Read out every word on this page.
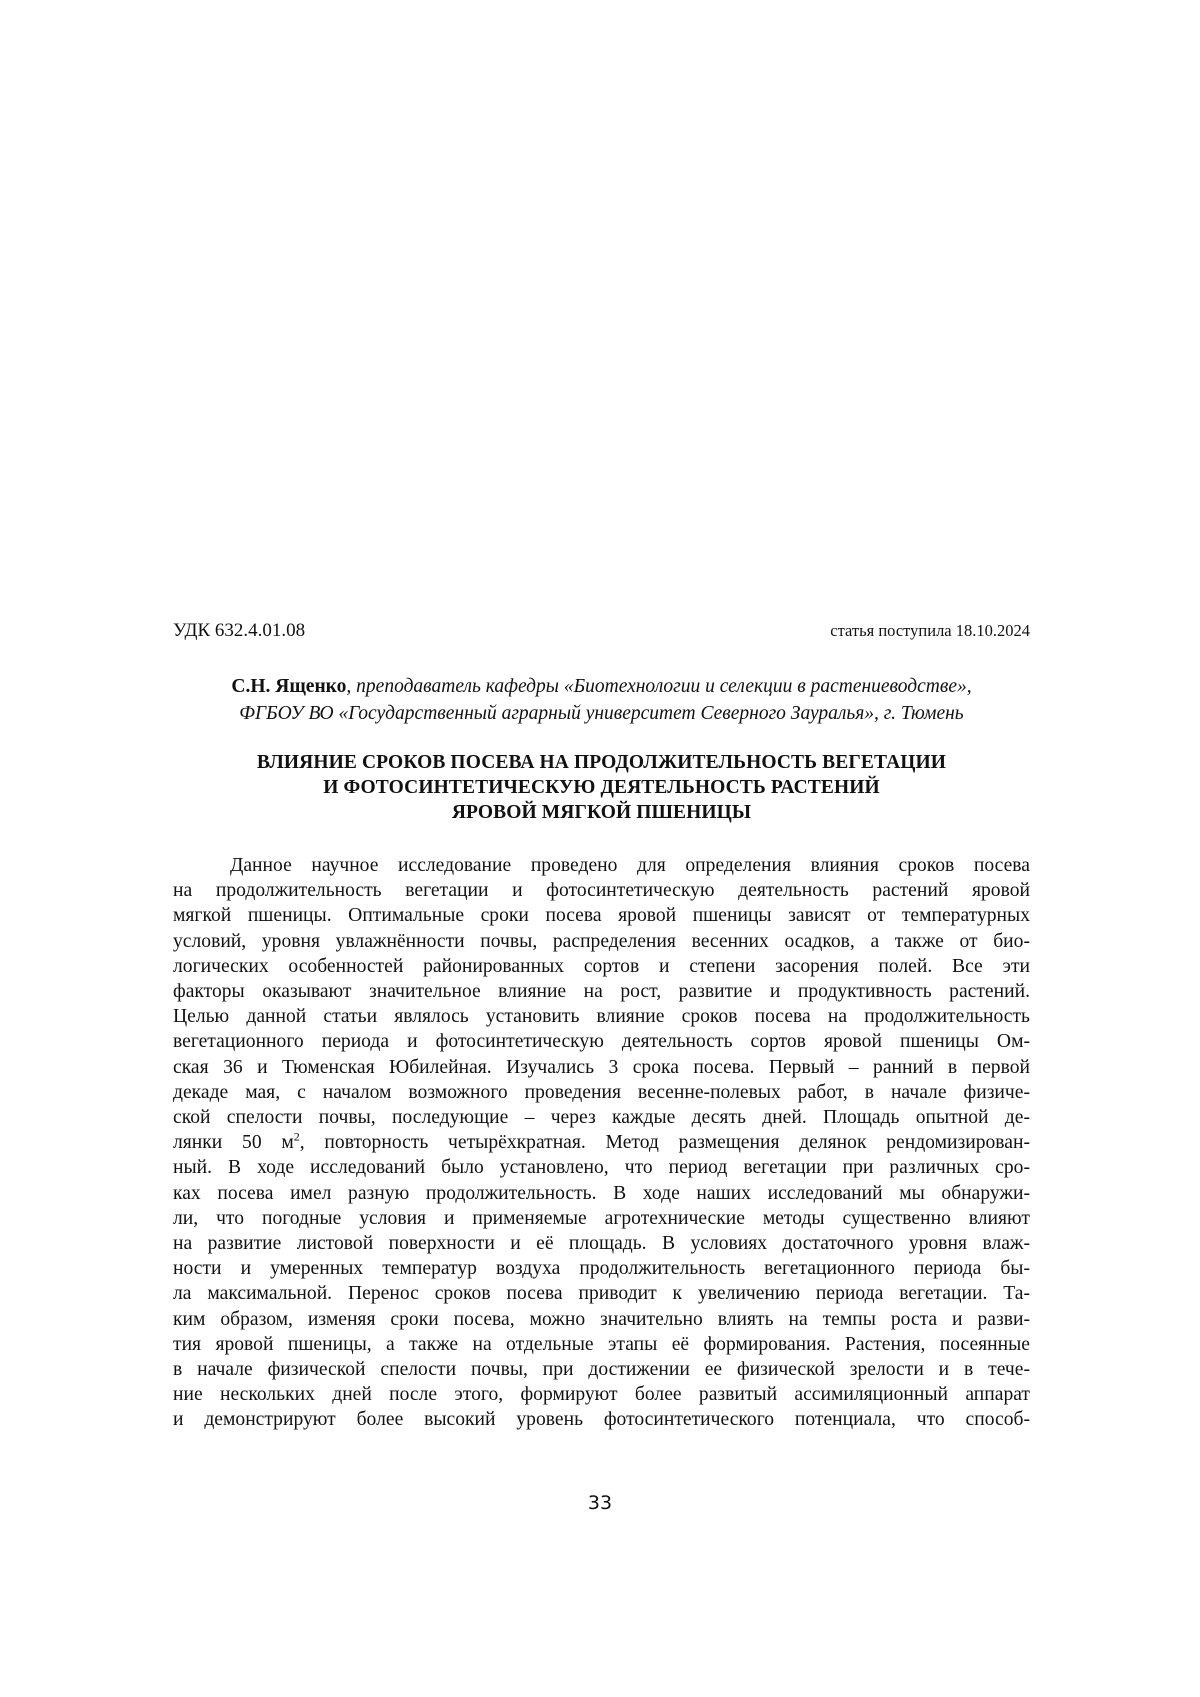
УДК 632.4.01.08	статья поступила 18.10.2024
С.Н. Ященко, преподаватель кафедры «Биотехнологии и селекции в растениеводстве»,
ФГБОУ ВО «Государственный аграрный университет Северного Зауралья», г. Тюмень
ВЛИЯНИЕ СРОКОВ ПОСЕВА НА ПРОДОЛЖИТЕЛЬНОСТЬ ВЕГЕТАЦИИ
И ФОТОСИНТЕТИЧЕСКУЮ ДЕЯТЕЛЬНОСТЬ РАСТЕНИЙ
ЯРОВОЙ МЯГКОЙ ПШЕНИЦЫ
Данное научное исследование проведено для определения влияния сроков посева
на продолжительность вегетации и фотосинтетическую деятельность растений яровой
мягкой пшеницы. Оптимальные сроки посева яровой пшеницы зависят от температурных
условий, уровня увлажнённости почвы, распределения весенних осадков, а также от био-
логических особенностей районированных сортов и степени засорения полей. Все эти
факторы оказывают значительное влияние на рост, развитие и продуктивность растений.
Целью данной статьи являлось установить влияние сроков посева на продолжительность
вегетационного периода и фотосинтетическую деятельность сортов яровой пшеницы Ом-
ская 36 и Тюменская Юбилейная. Изучались 3 срока посева. Первый – ранний в первой
декаде мая, с началом возможного проведения весенне-полевых работ, в начале физиче-
ской спелости почвы, последующие – через каждые десять дней. Площадь опытной де-
лянки 50 м2, повторность четырёхкратная. Метод размещения делянок рендомизирован-
ный. В ходе исследований было установлено, что период вегетации при различных сро-
ках посева имел разную продолжительность. В ходе наших исследований мы обнаружи-
ли, что погодные условия и применяемые агротехнические методы существенно влияют
на развитие листовой поверхности и её площадь. В условиях достаточного уровня влаж-
ности и умеренных температур воздуха продолжительность вегетационного периода бы-
ла максимальной. Перенос сроков посева приводит к увеличению периода вегетации. Та-
ким образом, изменяя сроки посева, можно значительно влиять на темпы роста и разви-
тия яровой пшеницы, а также на отдельные этапы её формирования. Растения, посеянные
в начале физической спелости почвы, при достижении ее физической зрелости и в тече-
ние нескольких дней после этого, формируют более развитый ассимиляционный аппарат
и демонстрируют более высокий уровень фотосинтетического потенциала, что способ-
33
